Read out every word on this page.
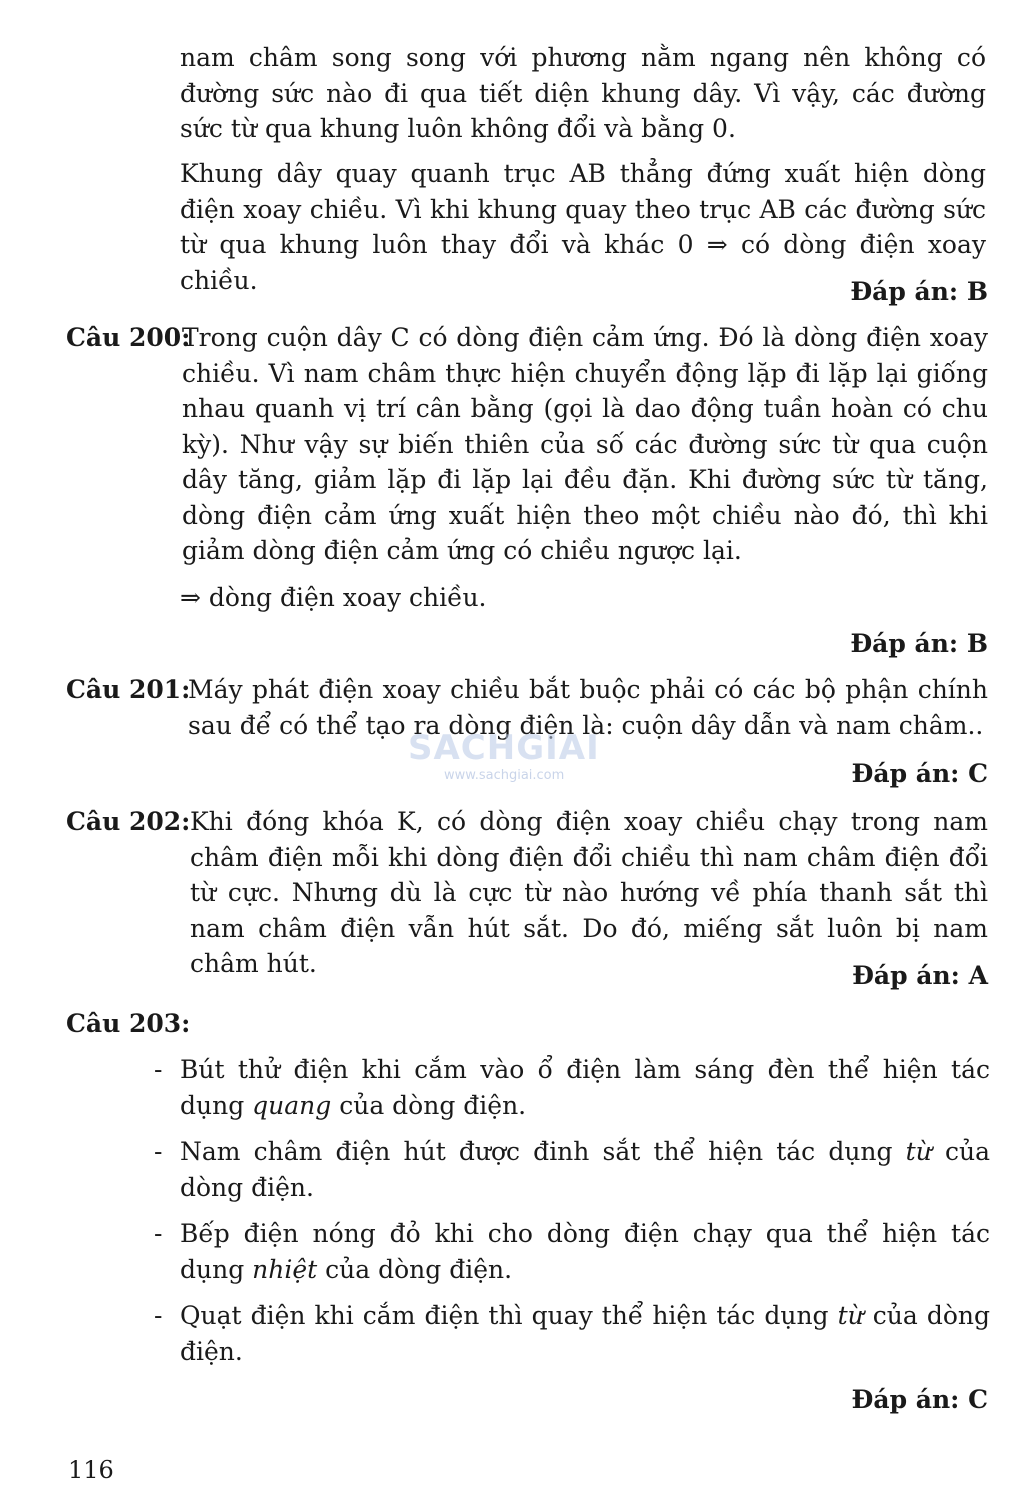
nam châm song song với phương nằm ngang nên không có đường sức nào đi qua tiết diện khung dây. Vì vậy, các đường sức từ qua khung luôn không đổi và bằng 0.

Khung dây quay quanh trục AB thẳng đứng xuất hiện dòng điện xoay chiều. Vì khi khung quay theo trục AB các đường sức từ qua khung luôn thay đổi và khác 0 ⇒ có dòng điện xoay chiều.	Đáp án: B

Câu 200:

Trong cuộn dây C có dòng điện cảm ứng. Đó là dòng điện xoay chiều. Vì nam châm thực hiện chuyển động lặp đi lặp lại giống nhau quanh vị trí cân bằng (gọi là dao động tuần hoàn có chu kỳ). Như vậy sự biến thiên của số các đường sức từ qua cuộn dây tăng, giảm lặp đi lặp lại đều đặn. Khi đường sức từ tăng, dòng điện cảm ứng xuất hiện theo một chiều nào đó, thì khi giảm dòng điện cảm ứng có chiều ngược lại.

⇒ dòng điện xoay chiều.

Đáp án: B

Câu 201:

Máy phát điện xoay chiều bắt buộc phải có các bộ phận chính sau để có thể tạo ra dòng điện là: cuộn dây dẫn và nam châm..

Đáp án: C

SACHGIAI
www.sachgiai.com
Câu 202: Khi đóng khóa K, có dòng điện xoay chiều chạy trong nam châm điện mỗi khi dòng điện đổi chiều thì nam châm điện đổi từ cực. Nhưng dù là cực từ nào hướng về phía thanh sắt thì nam châm điện vẫn hút sắt. Do đó, miếng sắt luôn bị nam châm hút.	Đáp án: A

Câu 203:
- Bút thử điện khi cắm vào ổ điện làm sáng đèn thể hiện tác dụng quang của dòng điện.
- Nam châm điện hút được đinh sắt thể hiện tác dụng từ của dòng điện.
- Bếp điện nóng đỏ khi cho dòng điện chạy qua thể hiện tác dụng nhiệt của dòng điện.
- Quạt điện khi cắm điện thì quay thể hiện tác dụng từ của dòng điện.

Đáp án: C

116
